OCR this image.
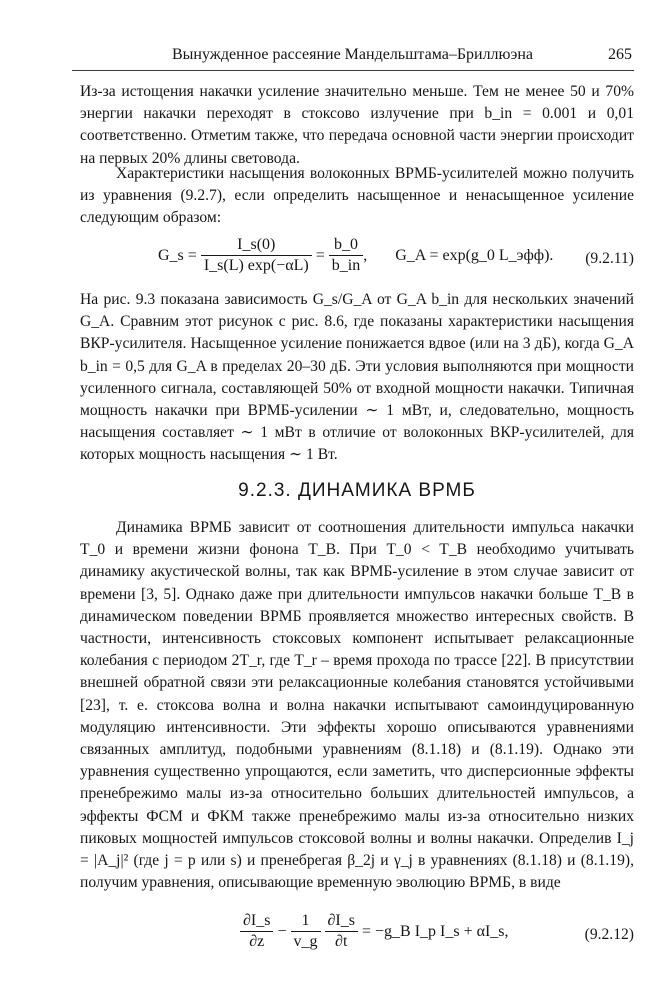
Вынужденное рассеяние Мандельштама–Бриллюэна	265

Из-за истощения накачки усиление значительно меньше. Тем не менее 50 и 70% энергии накачки переходят в стоксово излучение при b_in = 0.001 и 0,01 соответственно. Отметим также, что передача основной части энергии происходит на первых 20% длины световода.

Характеристики насыщения волоконных ВРМБ-усилителей можно получить из уравнения (9.2.7), если определить насыщенное и ненасыщенное усиление следующим образом:

G_s =
$\frac{I\_s(0)}{I\_s(L) \exp(-\alpha L)}$
=
$\frac{b\_0}{b\_in}$ , G_A = exp(g_0 L_эфф). (9.2.11)

На рис. 9.3 показана зависимость G_s/G_A от G_A b_in для нескольких значений G_A. Сравним этот рисунок с рис. 8.6, где показаны характеристики насыщения ВКР-усилителя. Насыщенное усиление понижается вдвое (или на 3 дБ), когда G_A b_in = 0,5 для G_A в пределах 20–30 дБ. Эти условия выполняются при мощности усиленного сигнала, составляющей 50% от входной мощности накачки. Типичная мощность накачки при ВРМБ-усилении ∼ 1 мВт, и, следовательно, мощность насыщения составляет ∼ 1 мВт в отличие от волоконных ВКР-усилителей, для которых мощность насыщения ∼ 1 Вт.

9.2.3. ДИНАМИКА ВРМБ

Динамика ВРМБ зависит от соотношения длительности импульса накачки T_0 и времени жизни фонона T_B. При T_0 < T_B необходимо учитывать динамику акустической волны, так как ВРМБ-усиление в этом случае зависит от времени [3, 5]. Однако даже при длительности импульсов накачки больше T_B в динамическом поведении ВРМБ проявляется множество интересных свойств. В частности, интенсивность стоксовых компонент испытывает релаксационные колебания с периодом 2T_r, где T_r – время прохода по трассе [22]. В присутствии внешней обратной связи эти релаксационные колебания становятся устойчивыми [23], т. е. стоксова волна и волна накачки испытывают самоиндуцированную модуляцию интенсивности. Эти эффекты хорошо описываются уравнениями связанных амплитуд, подобными уравнениям (8.1.18) и (8.1.19). Однако эти уравнения существенно упрощаются, если заметить, что дисперсионные эффекты пренебрежимо малы из-за относительно больших длительностей импульсов, а эффекты ФСМ и ФКМ также пренебрежимо малы из-за относительно низких пиковых мощностей импульсов стоксовой волны и волны накачки. Определив I_j = |A_j|² (где j = p или s) и пренебрегая β_2j и γ_j в уравнениях (8.1.18) и (8.1.19), получим уравнения, описывающие временную эволюцию ВРМБ, в виде

$\frac{\partial I\_s}{\partial z}$
−
$\frac{1}{v\_g}$
$\frac{\partial I\_s}{\partial t}$
= −g_B I_p I_s + αI_s,	(9.2.12)
